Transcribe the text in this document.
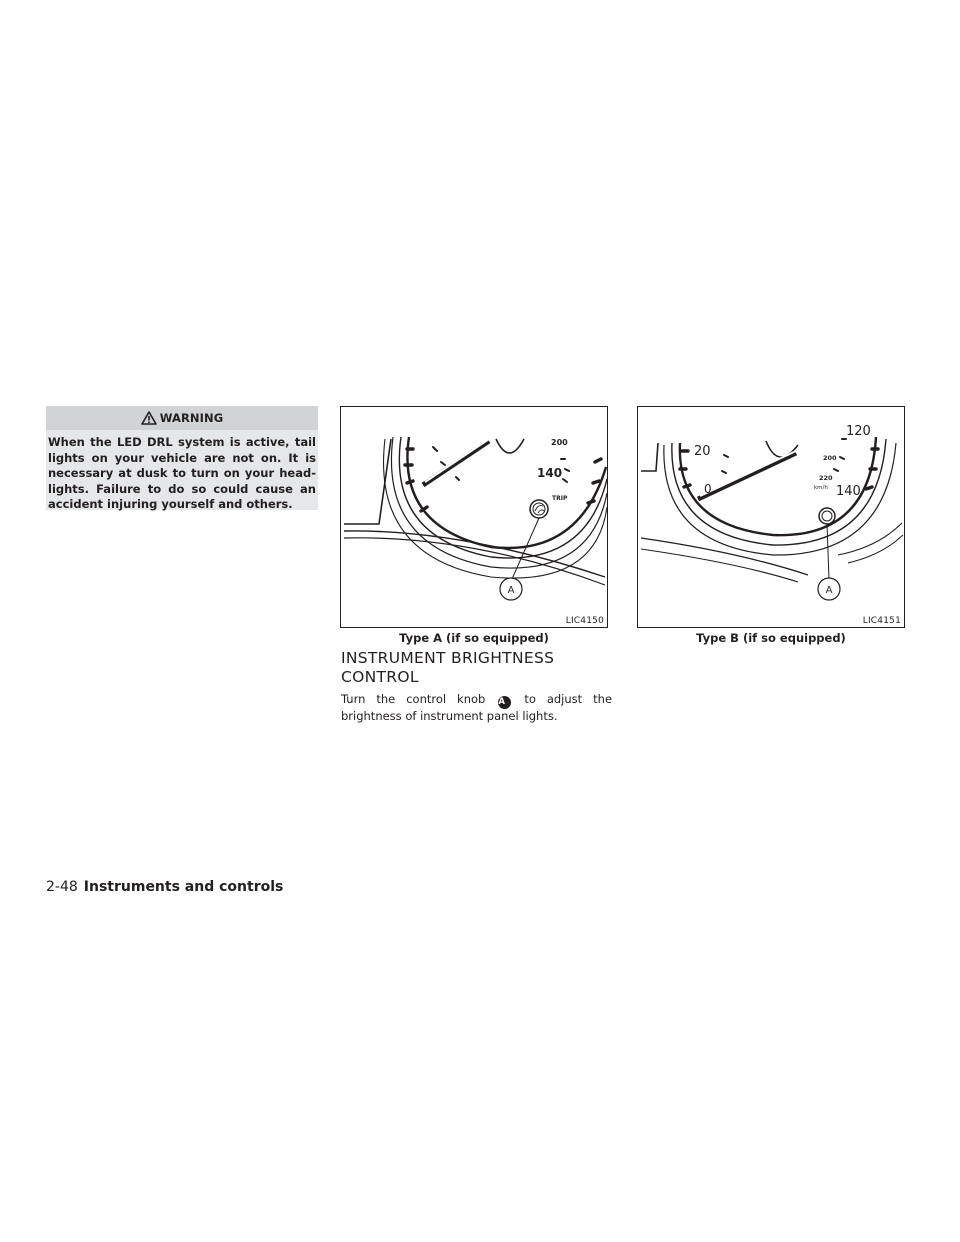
WARNING

When the LED DRL system is active, tail lights on your vehicle are not on. It is necessary at dusk to turn on your head-lights. Failure to do so could cause an accident injuring yourself and others.

200
140
TRIP
A
LIC4150
Type A (if so equipped)
20
0
120
200
220
km/h 140
A
LIC4151
Type B (if so equipped)
INSTRUMENT BRIGHTNESS CONTROL

Turn the control knob A to adjust the brightness of instrument panel lights.

2-48 Instruments and controls
